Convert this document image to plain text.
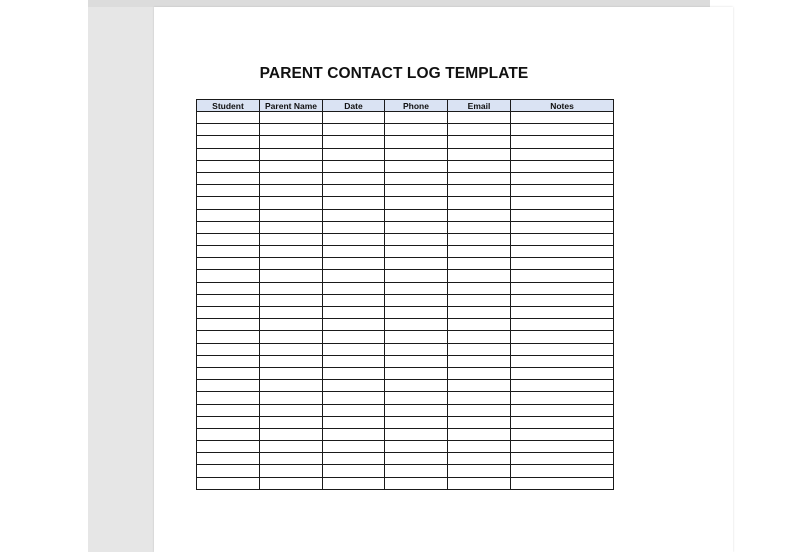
PARENT CONTACT LOG TEMPLATE
Student	Parent Name	Date	Phone	Email	Notes
